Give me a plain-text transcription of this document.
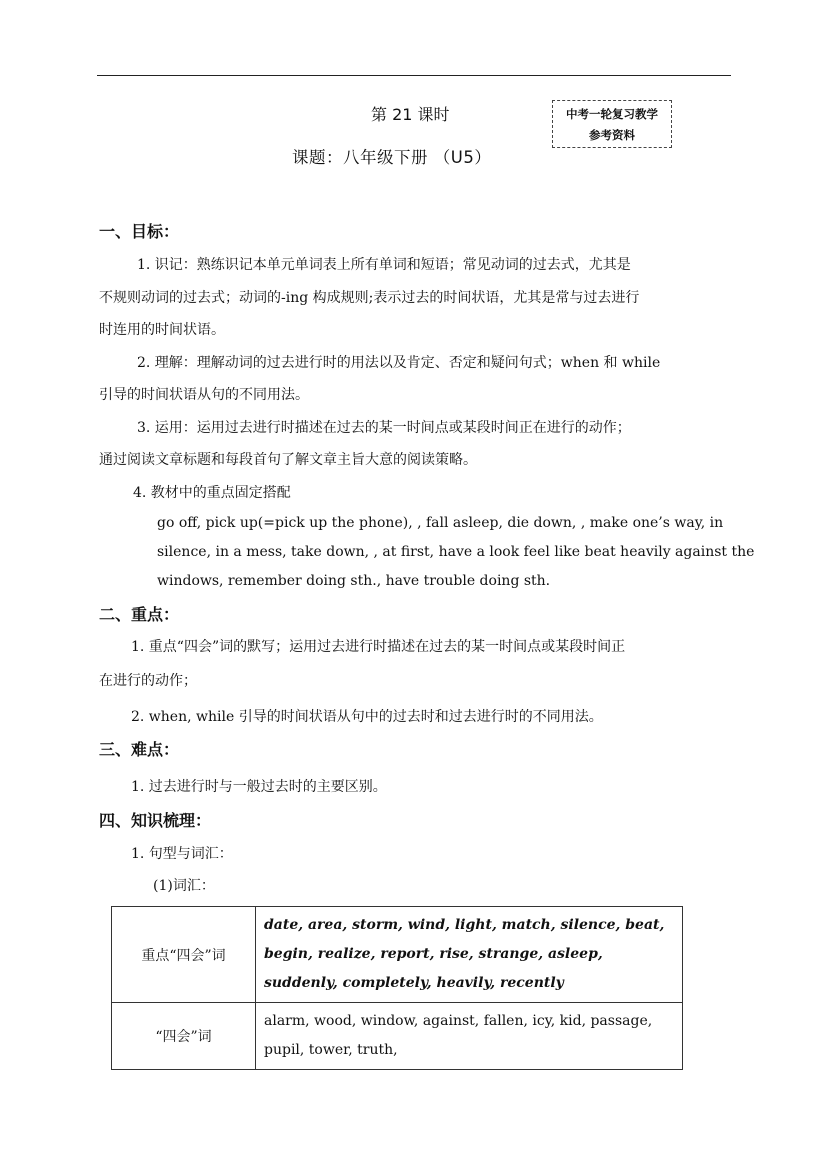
第 21 课时
课题：八年级下册 （U5）
中考一轮复习教学
参考资料
一、目标：
1. 识记：熟练识记本单元单词表上所有单词和短语；常见动词的过去式，尤其是
不规则动词的过去式；动词的-ing 构成规则;表示过去的时间状语，尤其是常与过去进行
时连用的时间状语。
2. 理解：理解动词的过去进行时的用法以及肯定、否定和疑问句式；when 和 while
引导的时间状语从句的不同用法。
3. 运用：运用过去进行时描述在过去的某一时间点或某段时间正在进行的动作；
通过阅读文章标题和每段首句了解文章主旨大意的阅读策略。
4. 教材中的重点固定搭配
go off, pick up(=pick up the phone), , fall asleep, die down, , make one’s way, in
silence, in a mess, take down, , at first, have a look feel like beat heavily against the
windows, remember doing sth., have trouble doing sth.
二、重点：
1. 重点“四会”词的默写；运用过去进行时描述在过去的某一时间点或某段时间正
在进行的动作；
2. when, while 引导的时间状语从句中的过去时和过去进行时的不同用法。
三、难点：
1. 过去进行时与一般过去时的主要区别。
四、知识梳理：
1. 句型与词汇：
(1)词汇：
重点“四会”词	date, area, storm, wind, light, match, silence, beat, begin, realize, report, rise, strange, asleep, suddenly, completely, heavily, recently
“四会”词	alarm, wood, window, against, fallen, icy, kid, passage, pupil, tower, truth,
